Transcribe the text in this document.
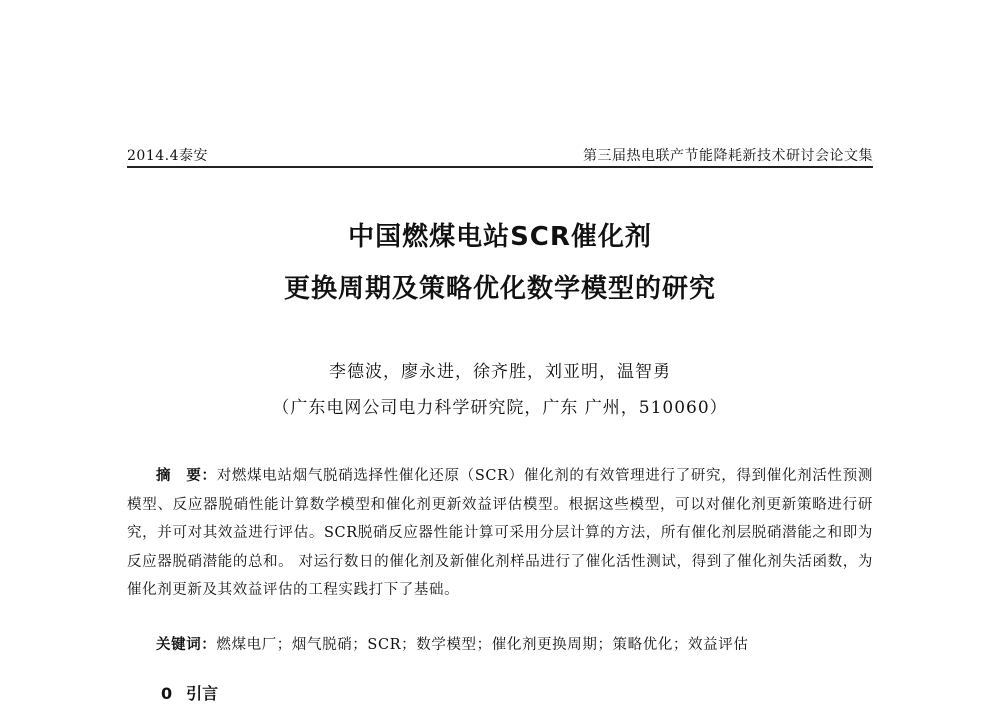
2014.4泰安	第三届热电联产节能降耗新技术研讨会论文集
中国燃煤电站SCR催化剂
更换周期及策略优化数学模型的研究
李德波，廖永进，徐齐胜，刘亚明，温智勇
（广东电网公司电力科学研究院，广东 广州，510060）
摘　要：对燃煤电站烟气脱硝选择性催化还原（SCR）催化剂的有效管理进行了研究，得到催化剂活性预测模型、反应器脱硝性能计算数学模型和催化剂更新效益评估模型。根据这些模型，可以对催化剂更新策略进行研究，并可对其效益进行评估。SCR脱硝反应器性能计算可采用分层计算的方法，所有催化剂层脱硝潜能之和即为反应器脱硝潜能的总和。 对运行数日的催化剂及新催化剂样品进行了催化活性测试，得到了催化剂失活函数，为催化剂更新及其效益评估的工程实践打下了基础。
关键词：燃煤电厂；烟气脱硝；SCR；数学模型；催化剂更换周期；策略优化；效益评估
0 引言
